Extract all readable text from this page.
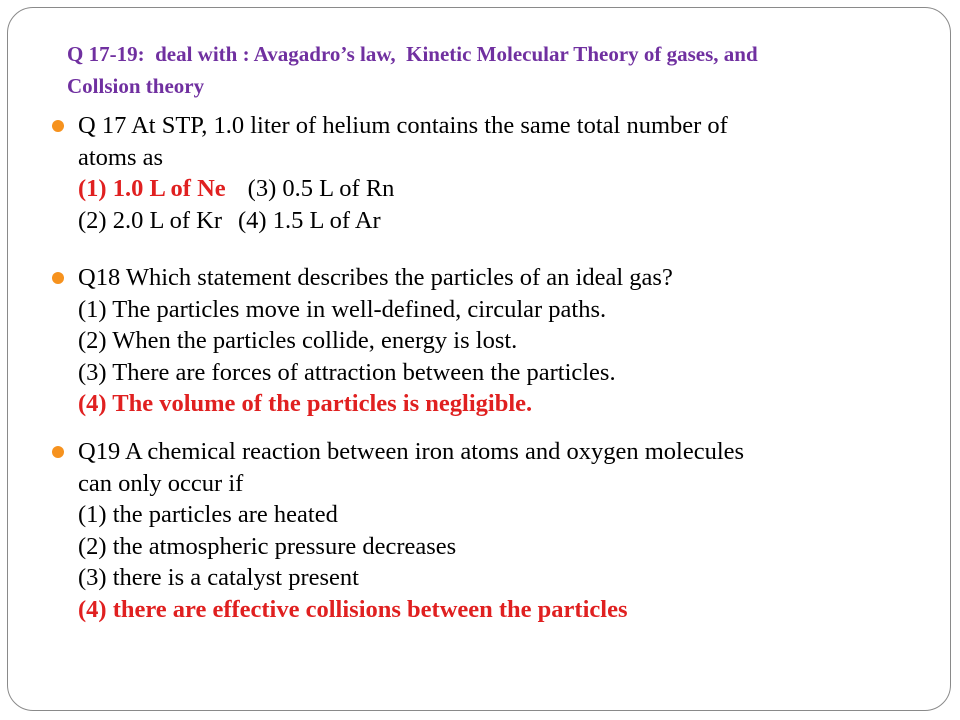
Q 17-19:  deal with : Avagadro’s law,  Kinetic Molecular Theory of gases, and
Collsion theory
Q 17 At STP, 1.0 liter of helium contains the same total number of
atoms as
(1) 1.0 L of Ne (3) 0.5 L of Rn
(2) 2.0 L of Kr (4) 1.5 L of Ar
Q18 Which statement describes the particles of an ideal gas?
(1) The particles move in well-defined, circular paths.
(2) When the particles collide, energy is lost.
(3) There are forces of attraction between the particles.
(4) The volume of the particles is negligible.
Q19 A chemical reaction between iron atoms and oxygen molecules
can only occur if
(1) the particles are heated
(2) the atmospheric pressure decreases
(3) there is a catalyst present
(4) there are effective collisions between the particles
